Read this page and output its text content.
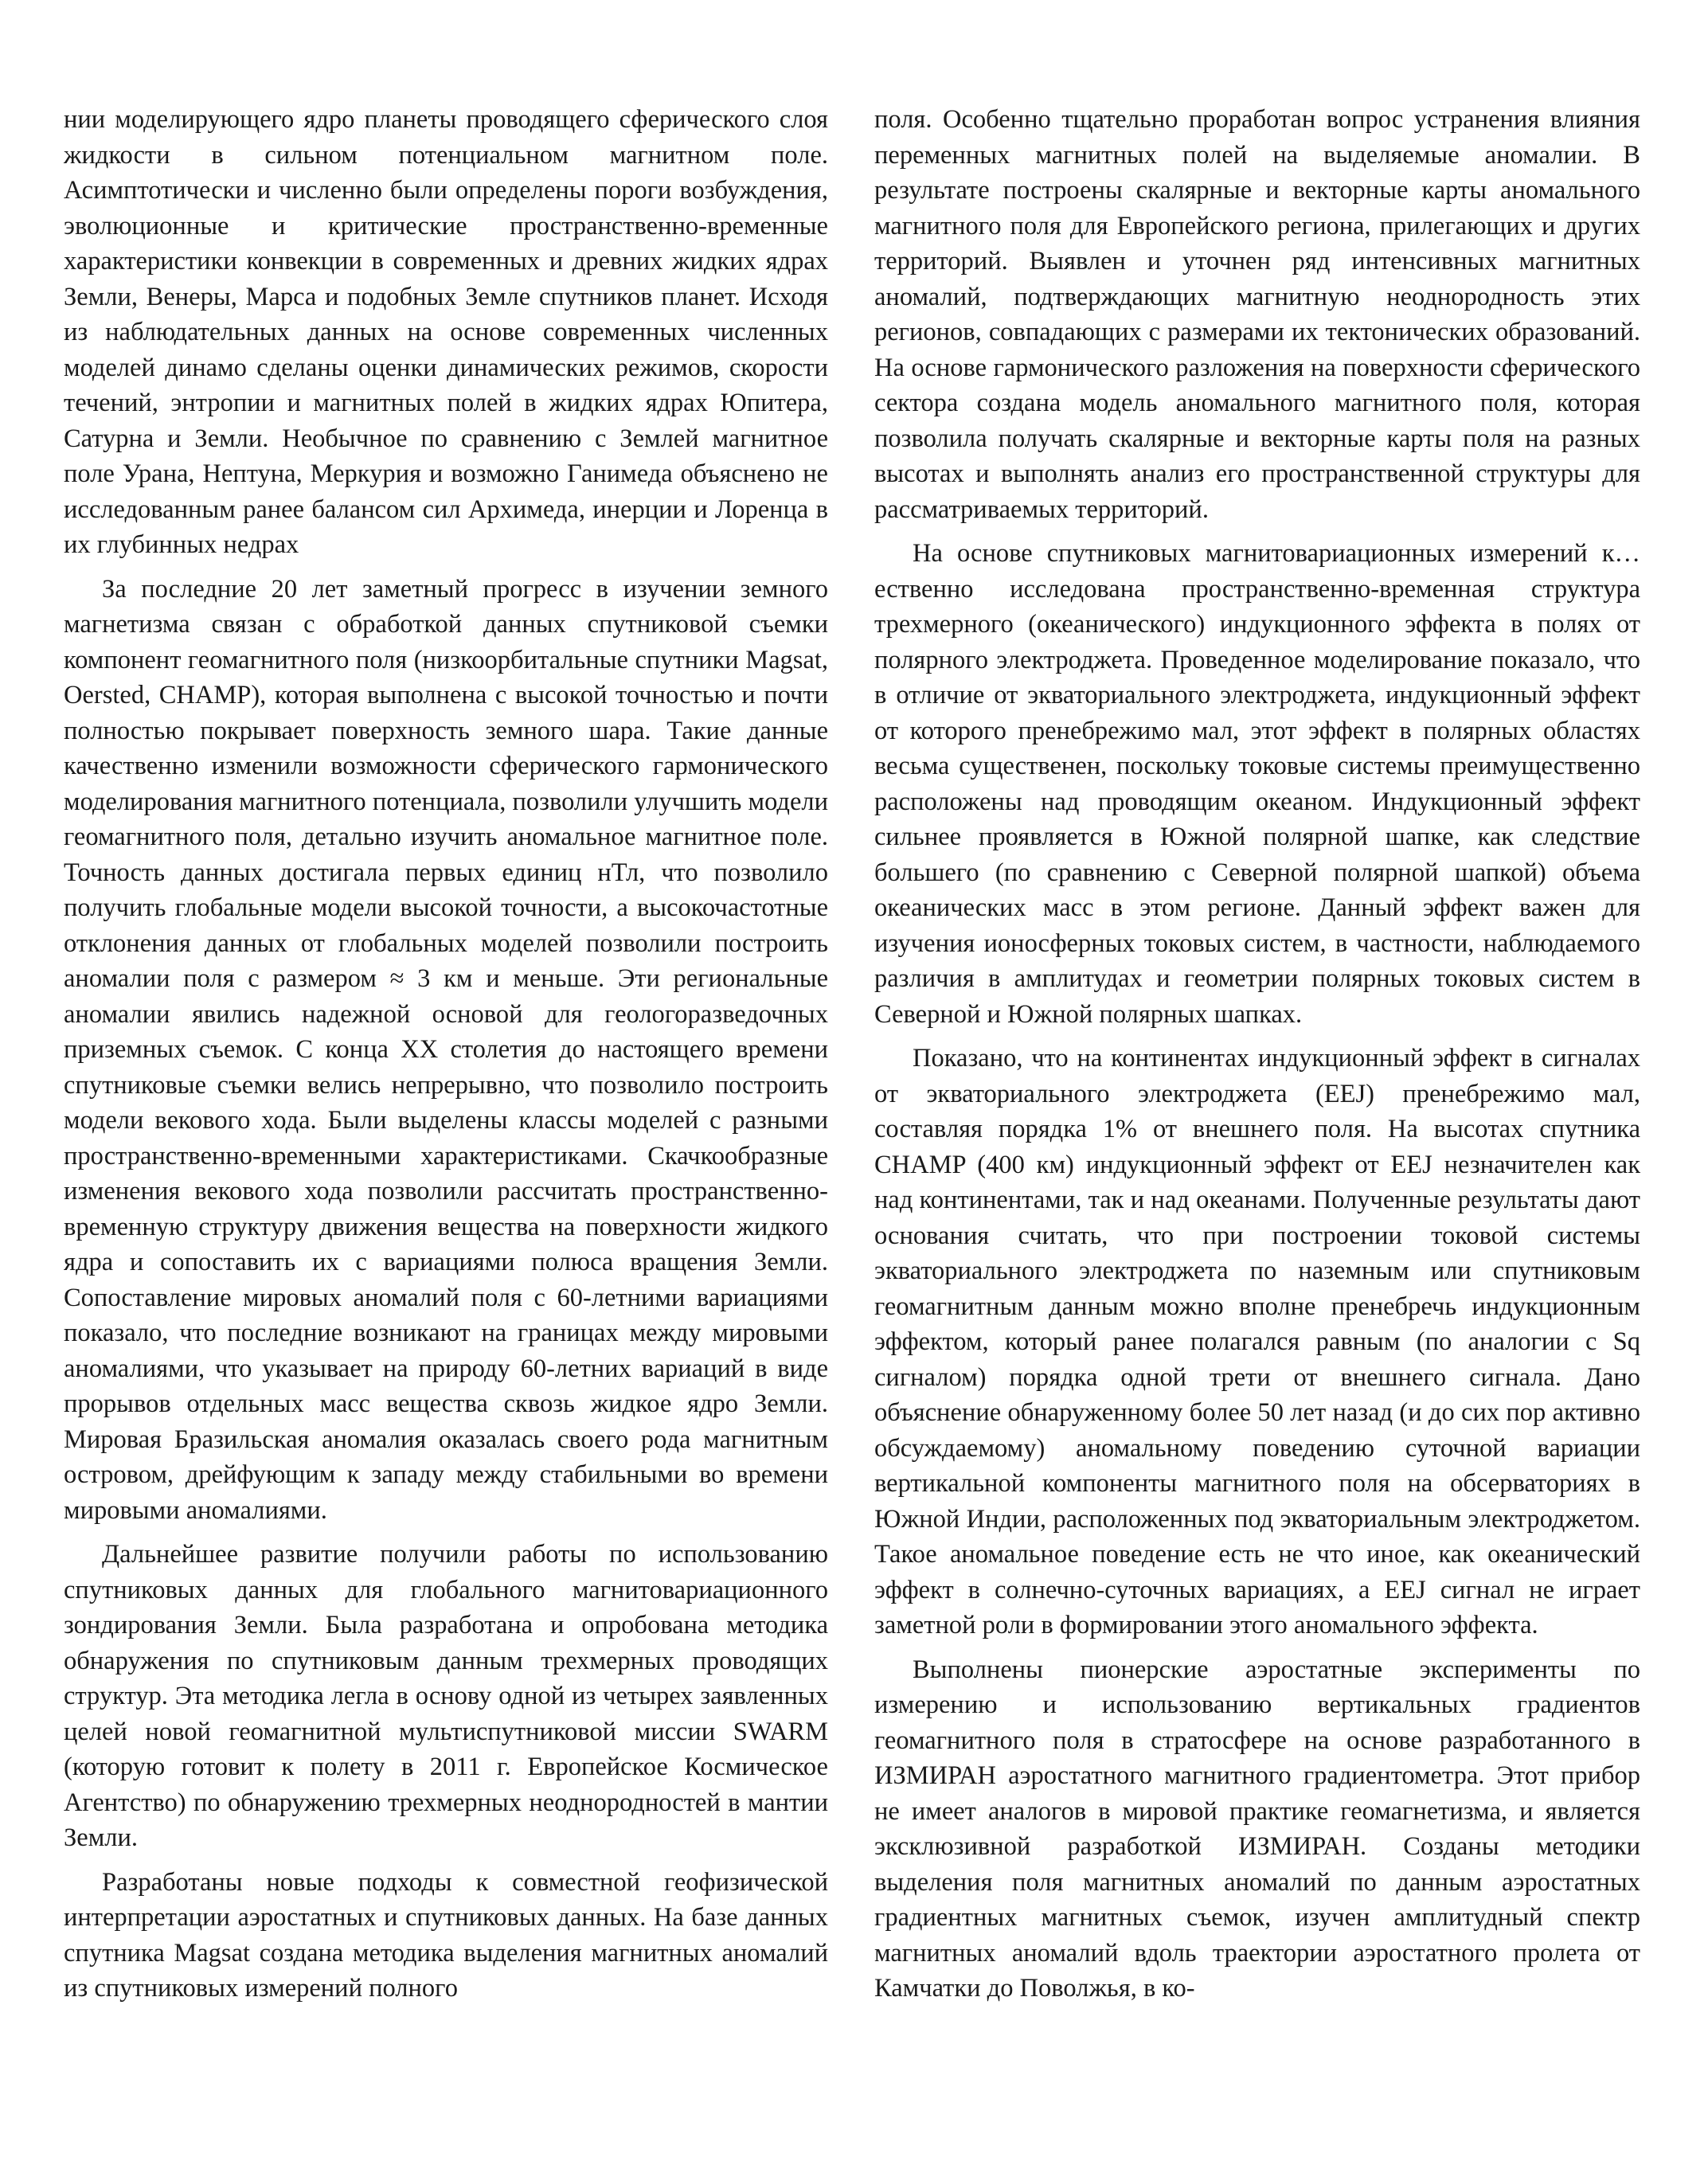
нии моделирующего ядро планеты проводящего сферического слоя жидкости в сильном потенциальном магнитном поле. Асимптотически и численно были определены пороги возбуждения, эволюционные и критические пространственно-временные характеристики конвекции в современных и древних жидких ядрах Земли, Венеры, Марса и подобных Земле спутников планет. Исходя из наблюдательных данных на основе современных численных моделей динамо сделаны оценки динамических режимов, скорости течений, энтропии и магнитных полей в жидких ядрах Юпитера, Сатурна и Земли. Необычное по сравнению с Землей магнитное поле Урана, Нептуна, Меркурия и возможно Ганимеда объяснено не исследованным ранее балансом сил Архимеда, инерции и Лоренца в их глубинных недрах

За последние 20 лет заметный прогресс в изучении земного магнетизма связан с обработкой данных спутниковой съемки компонент геомагнитного поля (низкоорбитальные спутники Magsat, Oersted, CHAMP), которая выполнена с высокой точностью и почти полностью покрывает поверхность земного шара. Такие данные качественно изменили возможности сферического гармонического моделирования магнитного потенциала, позволили улучшить модели геомагнитного поля, детально изучить аномальное магнитное поле. Точность данных достигала первых единиц нТл, что позволило получить глобальные модели высокой точности, а высокочастотные отклонения данных от глобальных моделей позволили построить аномалии поля с размером ≈ 3 км и меньше. Эти региональные аномалии явились надежной основой для геологоразведочных приземных съемок. С конца XX столетия до настоящего времени спутниковые съемки велись непрерывно, что позволило построить модели векового хода. Были выделены классы моделей с разными пространственно-временными характеристиками. Скачкообразные изменения векового хода позволили рассчитать пространственно-временную структуру движения вещества на поверхности жидкого ядра и сопоставить их с вариациями полюса вращения Земли. Сопоставление мировых аномалий поля с 60-летними вариациями показало, что последние возникают на границах между мировыми аномалиями, что указывает на природу 60-летних вариаций в виде прорывов отдельных масс вещества сквозь жидкое ядро Земли. Мировая Бразильская аномалия оказалась своего рода магнитным островом, дрейфующим к западу между стабильными во времени мировыми аномалиями.

Дальнейшее развитие получили работы по использованию спутниковых данных для глобального магнитовариационного зондирования Земли. Была разработана и опробована методика обнаружения по спутниковым данным трехмерных проводящих структур. Эта методика легла в основу одной из четырех заявленных целей новой геомагнитной мультиспутниковой миссии SWARM (которую готовит к полету в 2011 г. Европейское Космическое Агентство) по обнаружению трехмерных неоднородностей в мантии Земли.

Разработаны новые подходы к совместной геофизической интерпретации аэростатных и спутниковых данных. На базе данных спутника Magsat создана методика выделения магнитных аномалий из спутниковых измерений полного

поля. Особенно тщательно проработан вопрос устранения влияния переменных магнитных полей на выделяемые аномалии. В результате построены скалярные и векторные карты аномального магнитного поля для Европейского региона, прилегающих и других территорий. Выявлен и уточнен ряд интенсивных магнитных аномалий, подтверждающих магнитную неоднородность этих регионов, совпадающих с размерами их тектонических образований. На основе гармонического разложения на поверхности сферического сектора создана модель аномального магнитного поля, которая позволила получать скалярные и векторные карты поля на разных высотах и выполнять анализ его пространственной структуры для рассматриваемых территорий.

На основе спутниковых магнитовариационных измерений к… ественно исследована пространственно-временная структура трехмерного (океанического) индукционного эффекта в полях от полярного электроджета. Проведенное моделирование показало, что в отличие от экваториального электроджета, индукционный эффект от которого пренебрежимо мал, этот эффект в полярных областях весьма существенен, поскольку токовые системы преимущественно расположены над проводящим океаном. Индукционный эффект сильнее проявляется в Южной полярной шапке, как следствие большего (по сравнению с Северной полярной шапкой) объема океанических масс в этом регионе. Данный эффект важен для изучения ионосферных токовых систем, в частности, наблюдаемого различия в амплитудах и геометрии полярных токовых систем в Северной и Южной полярных шапках.

Показано, что на континентах индукционный эффект в сигналах от экваториального электроджета (EEJ) пренебрежимо мал, составляя порядка 1% от внешнего поля. На высотах спутника CHAMP (400 км) индукционный эффект от EEJ незначителен как над континентами, так и над океанами. Полученные результаты дают основания считать, что при построении токовой системы экваториального электроджета по наземным или спутниковым геомагнитным данным можно вполне пренебречь индукционным эффектом, который ранее полагался равным (по аналогии с Sq сигналом) порядка одной трети от внешнего сигнала. Дано объяснение обнаруженному более 50 лет назад (и до сих пор активно обсуждаемому) аномальному поведению суточной вариации вертикальной компоненты магнитного поля на обсерваториях в Южной Индии, расположенных под экваториальным электроджетом. Такое аномальное поведение есть не что иное, как океанический эффект в солнечно-суточных вариациях, а EEJ сигнал не играет заметной роли в формировании этого аномального эффекта.

Выполнены пионерские аэростатные эксперименты по измерению и использованию вертикальных градиентов геомагнитного поля в стратосфере на основе разработанного в ИЗМИРАН аэростатного магнитного градиентометра. Этот прибор не имеет аналогов в мировой практике геомагнетизма, и является эксклюзивной разработкой ИЗМИРАН. Созданы методики выделения поля магнитных аномалий по данным аэростатных градиентных магнитных съемок, изучен амплитудный спектр магнитных аномалий вдоль траектории аэростатного пролета от Камчатки до Поволжья, в ко-
